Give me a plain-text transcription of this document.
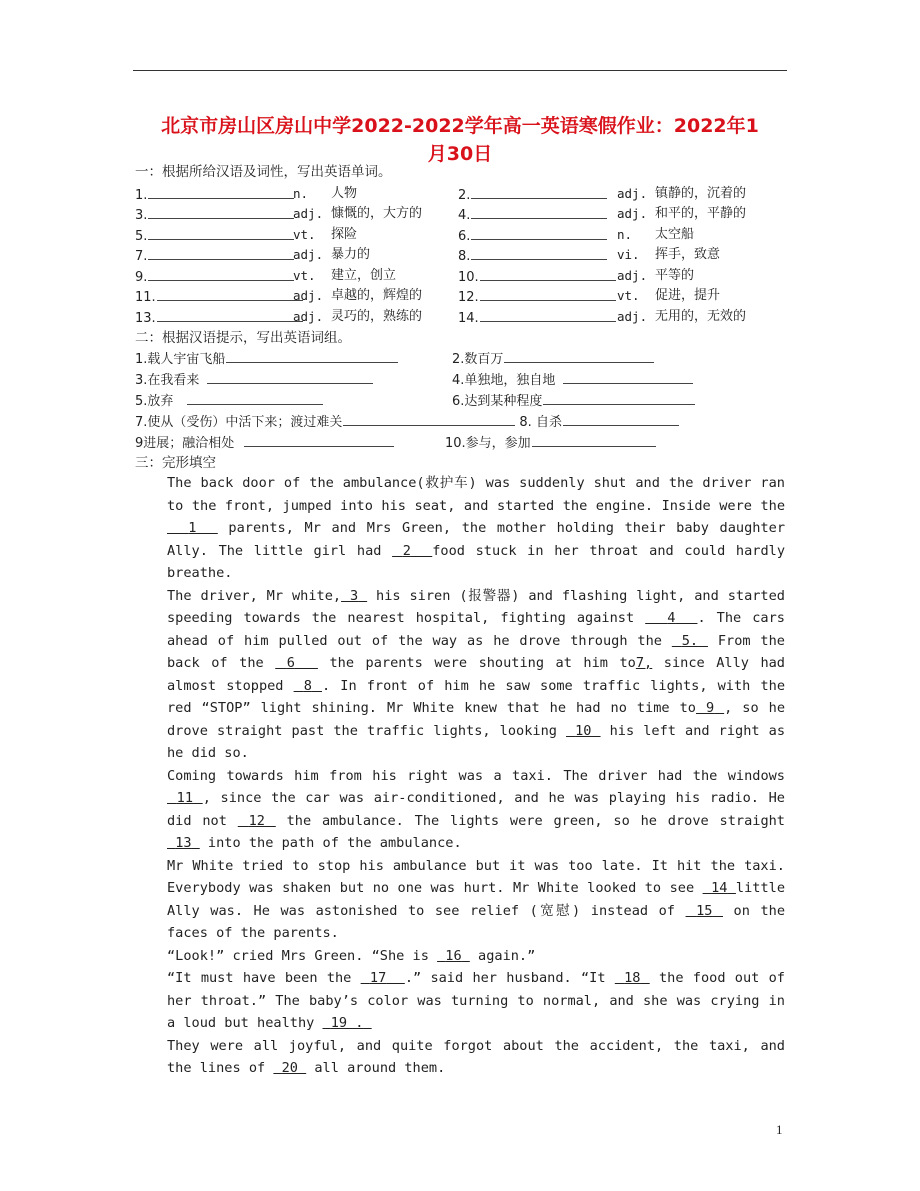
北京市房山区房山中学2022-2022学年高一英语寒假作业：2022年1
月30日
一：根据所给汉语及词性，写出英语单词。
1.	n. 人物	2.	adj. 镇静的，沉着的
3.	adj. 慷慨的，大方的	4.	adj. 和平的，平静的
5.	vt. 探险	6.	n. 太空船
7.	adj. 暴力的	8.	vi. 挥手，致意
9.	vt. 建立，创立	10.	adj. 平等的
11.	adj. 卓越的，辉煌的	12.	vt. 促进，提升
13.	adj. 灵巧的，熟练的	14.	adj. 无用的，无效的
二：根据汉语提示，写出英语词组。
1.载人宇宙飞船	2.数百万
3.在我看来	4.单独地，独自地
5.放弃	6.达到某种程度
7.使从（受伤）中活下来；渡过难关	8. 自杀
9进展；融洽相处	10.参与，参加
三：完形填空
The back door of the ambulance(救护车) was suddenly shut and the driver ran to the front, jumped into his seat, and started the engine. Inside were the   1   parents, Mr and Mrs Green, the mother holding their baby daughter Ally. The little girl had  2 food stuck in her throat and could hardly breathe.
The driver, Mr white, 3  his siren (报警器) and flashing light, and started speeding towards the nearest hospital, fighting against   4 . The cars ahead of him pulled out of the way as he drove through the  5.  From the back of the  6   the parents were shouting at him to7, since Ally had almost stopped  8 . In front of him he saw some traffic lights, with the red “STOP” light shining. Mr White knew that he had no time to 9 , so he drove straight past the traffic lights, looking  10  his left and right as he did so.
Coming towards him from his right was a taxi. The driver had the windows  11 , since the car was air-conditioned, and he was playing his radio. He did not  12  the ambulance. The lights were green, so he drove straight  13  into the path of the ambulance.
Mr White tried to stop his ambulance but it was too late. It hit the taxi. Everybody was shaken but no one was hurt. Mr White looked to see  14 little Ally was. He was astonished to see relief (宽慰) instead of  15  on the faces of the parents.
“Look!” cried Mrs Green. “She is  16  again.”
“It must have been the  17 .” said her husband. “It  18  the food out of her throat.” The baby’s color was turning to normal, and she was crying in a loud but healthy  19 .
They were all joyful, and quite forgot about the accident, the taxi, and the lines of  20  all around them.
1
